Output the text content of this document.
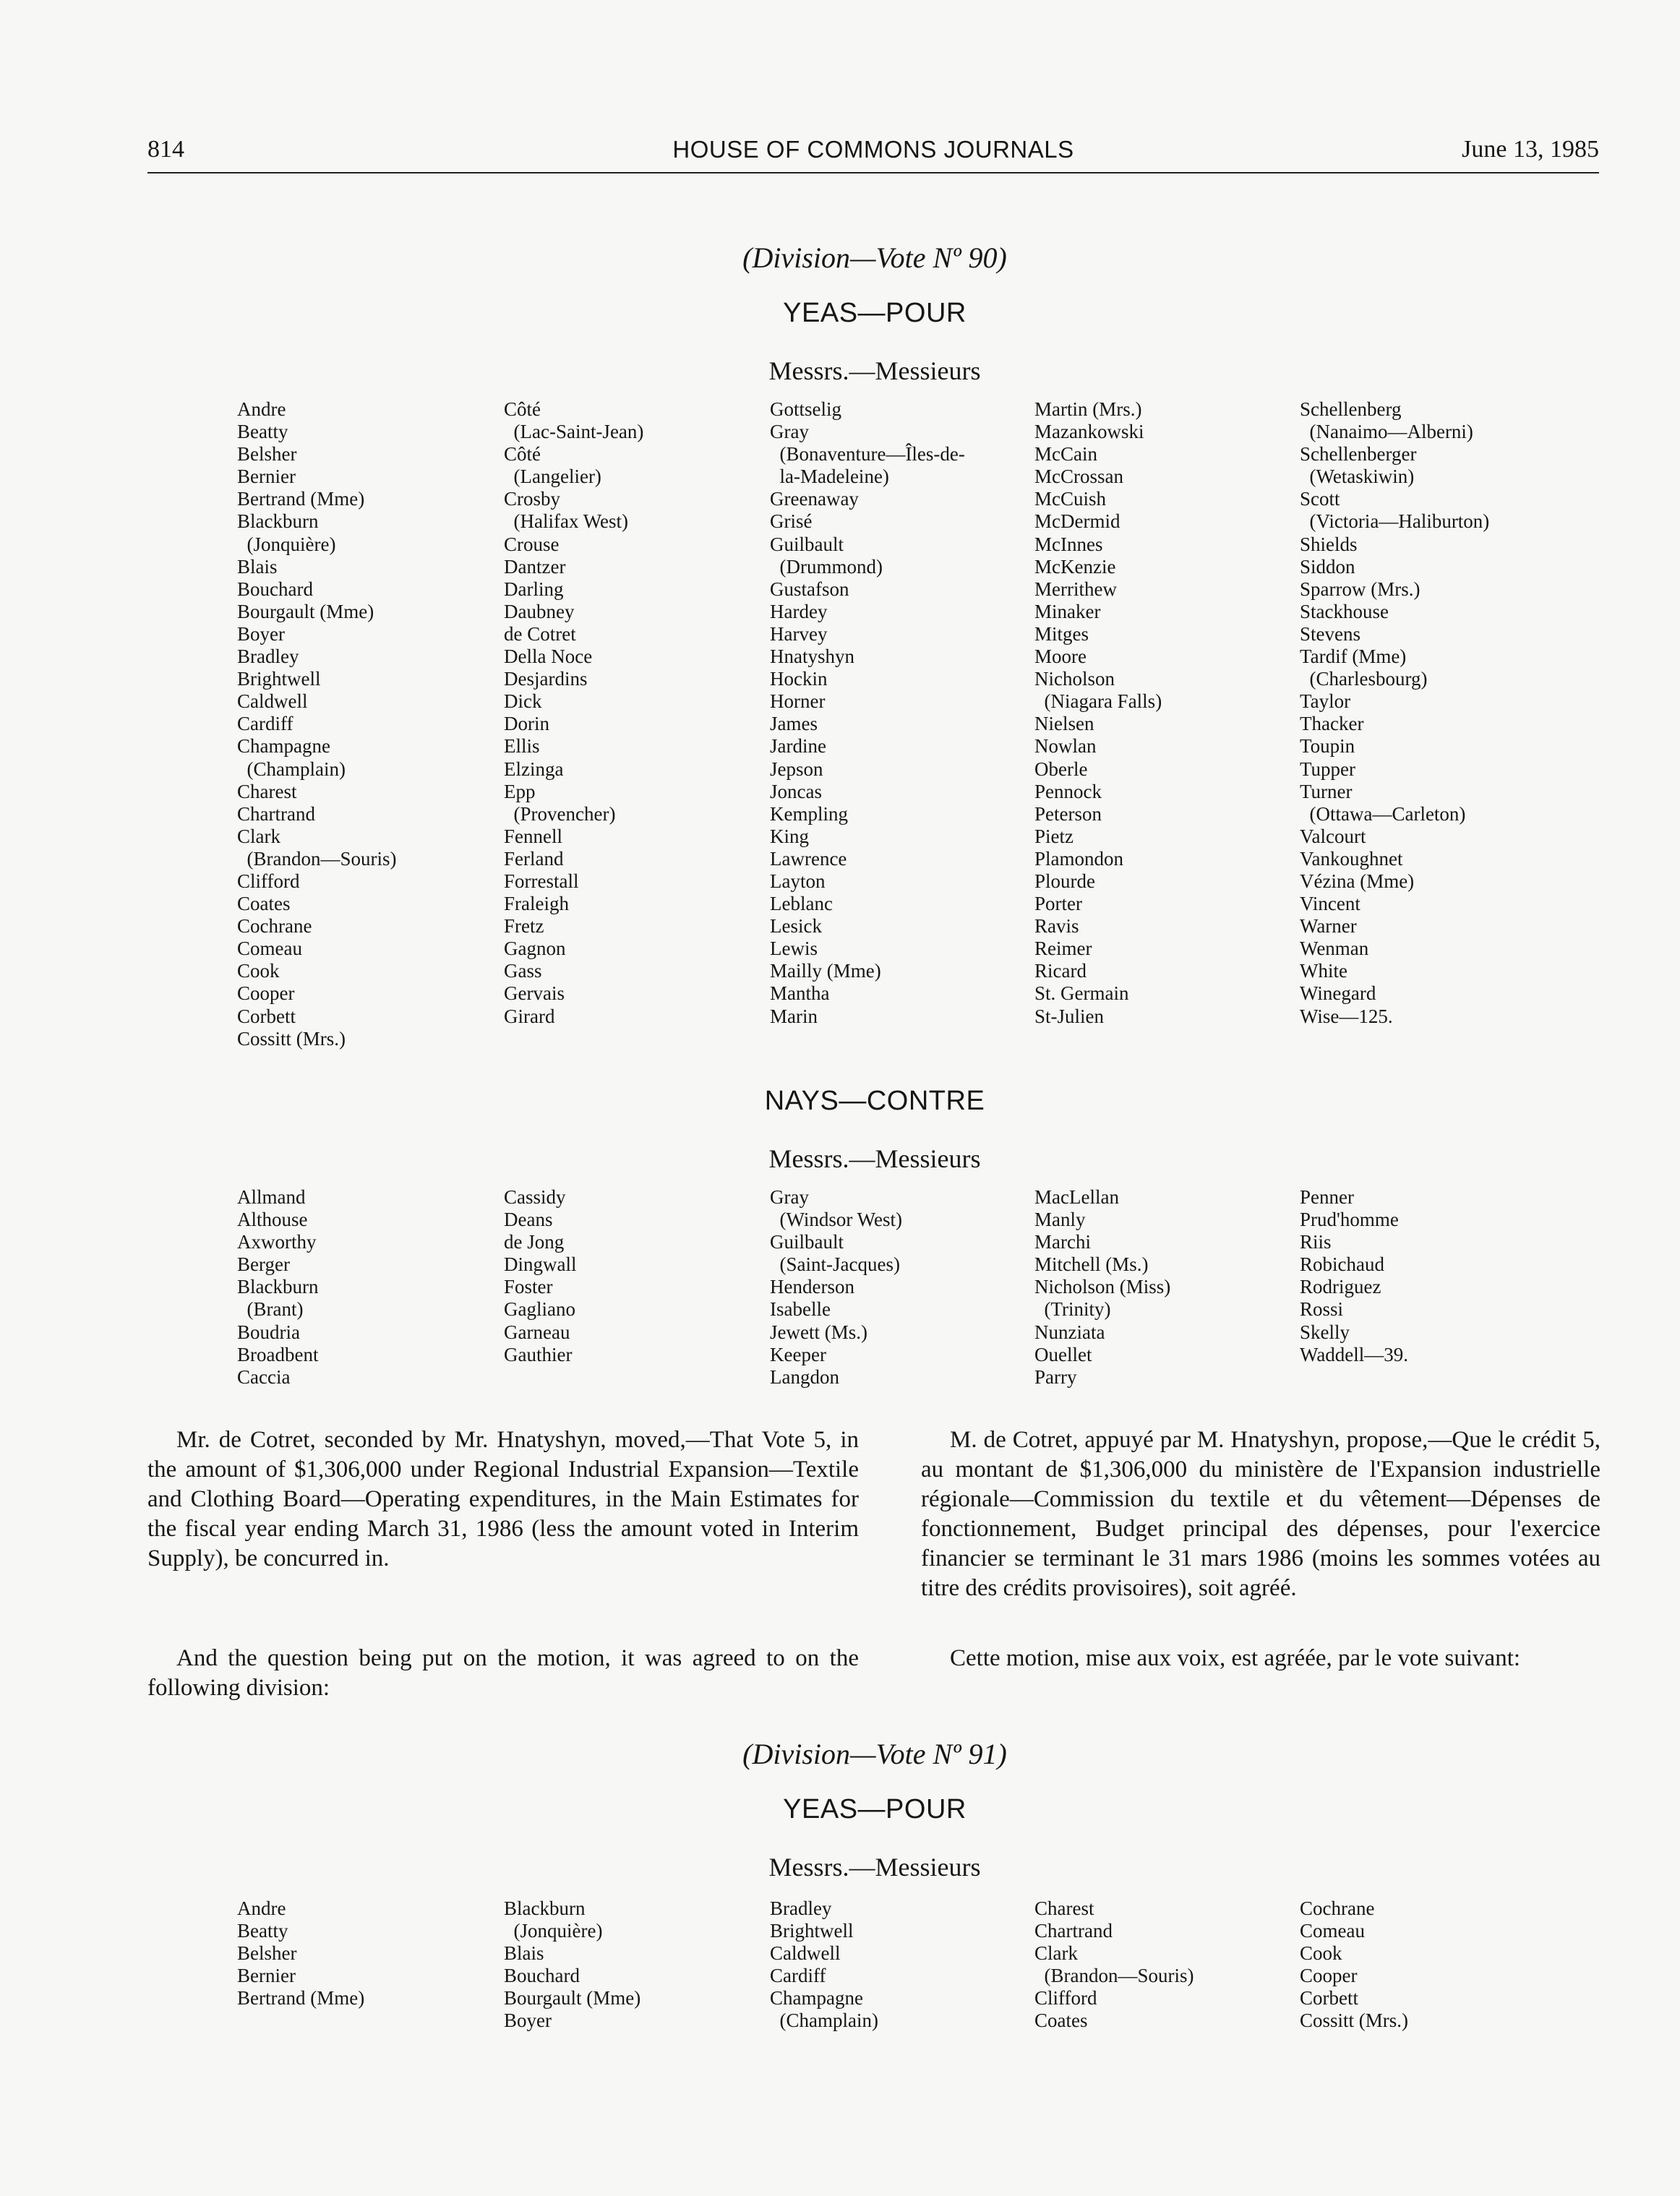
814	HOUSE OF COMMONS JOURNALS	June 13, 1985
(Division—Vote Nº 90)
YEAS—POUR
Messrs.—Messieurs
Andre
Beatty
Belsher
Bernier
Bertrand (Mme)
Blackburn
(Jonquière)
Blais
Bouchard
Bourgault (Mme)
Boyer
Bradley
Brightwell
Caldwell
Cardiff
Champagne
(Champlain)
Charest
Chartrand
Clark
(Brandon—Souris)
Clifford
Coates
Cochrane
Comeau
Cook
Cooper
Corbett
Cossitt (Mrs.)
Côté
(Lac-Saint-Jean)
Côté
(Langelier)
Crosby
(Halifax West)
Crouse
Dantzer
Darling
Daubney
de Cotret
Della Noce
Desjardins
Dick
Dorin
Ellis
Elzinga
Epp
(Provencher)
Fennell
Ferland
Forrestall
Fraleigh
Fretz
Gagnon
Gass
Gervais
Girard
Gottselig
Gray
(Bonaventure—Îles-de-
la-Madeleine)
Greenaway
Grisé
Guilbault
(Drummond)
Gustafson
Hardey
Harvey
Hnatyshyn
Hockin
Horner
James
Jardine
Jepson
Joncas
Kempling
King
Lawrence
Layton
Leblanc
Lesick
Lewis
Mailly (Mme)
Mantha
Marin
Martin (Mrs.)
Mazankowski
McCain
McCrossan
McCuish
McDermid
McInnes
McKenzie
Merrithew
Minaker
Mitges
Moore
Nicholson
(Niagara Falls)
Nielsen
Nowlan
Oberle
Pennock
Peterson
Pietz
Plamondon
Plourde
Porter
Ravis
Reimer
Ricard
St. Germain
St-Julien
Schellenberg
(Nanaimo—Alberni)
Schellenberger
(Wetaskiwin)
Scott
(Victoria—Haliburton)
Shields
Siddon
Sparrow (Mrs.)
Stackhouse
Stevens
Tardif (Mme)
(Charlesbourg)
Taylor
Thacker
Toupin
Tupper
Turner
(Ottawa—Carleton)
Valcourt
Vankoughnet
Vézina (Mme)
Vincent
Warner
Wenman
White
Winegard
Wise—125.
NAYS—CONTRE
Messrs.—Messieurs
Allmand
Althouse
Axworthy
Berger
Blackburn
(Brant)
Boudria
Broadbent
Caccia
Cassidy
Deans
de Jong
Dingwall
Foster
Gagliano
Garneau
Gauthier
Gray
(Windsor West)
Guilbault
(Saint-Jacques)
Henderson
Isabelle
Jewett (Ms.)
Keeper
Langdon
MacLellan
Manly
Marchi
Mitchell (Ms.)
Nicholson (Miss)
(Trinity)
Nunziata
Ouellet
Parry
Penner
Prud'homme
Riis
Robichaud
Rodriguez
Rossi
Skelly
Waddell—39.
Mr. de Cotret, seconded by Mr. Hnatyshyn, moved,—That Vote 5, in the amount of $1,306,000 under Regional Industrial Expansion—Textile and Clothing Board—Operating expenditures, in the Main Estimates for the fiscal year ending March 31, 1986 (less the amount voted in Interim Supply), be concurred in.
M. de Cotret, appuyé par M. Hnatyshyn, propose,—Que le crédit 5, au montant de $1,306,000 du ministère de l'Expansion industrielle régionale—Commission du textile et du vêtement—Dépenses de fonctionnement, Budget principal des dépenses, pour l'exercice financier se terminant le 31 mars 1986 (moins les sommes votées au titre des crédits provisoires), soit agréé.
And the question being put on the motion, it was agreed to on the following division:
Cette motion, mise aux voix, est agréée, par le vote suivant:
(Division—Vote Nº 91)
YEAS—POUR
Messrs.—Messieurs
Andre
Beatty
Belsher
Bernier
Bertrand (Mme)
Blackburn
(Jonquière)
Blais
Bouchard
Bourgault (Mme)
Boyer
Bradley
Brightwell
Caldwell
Cardiff
Champagne
(Champlain)
Charest
Chartrand
Clark
(Brandon—Souris)
Clifford
Coates
Cochrane
Comeau
Cook
Cooper
Corbett
Cossitt (Mrs.)
